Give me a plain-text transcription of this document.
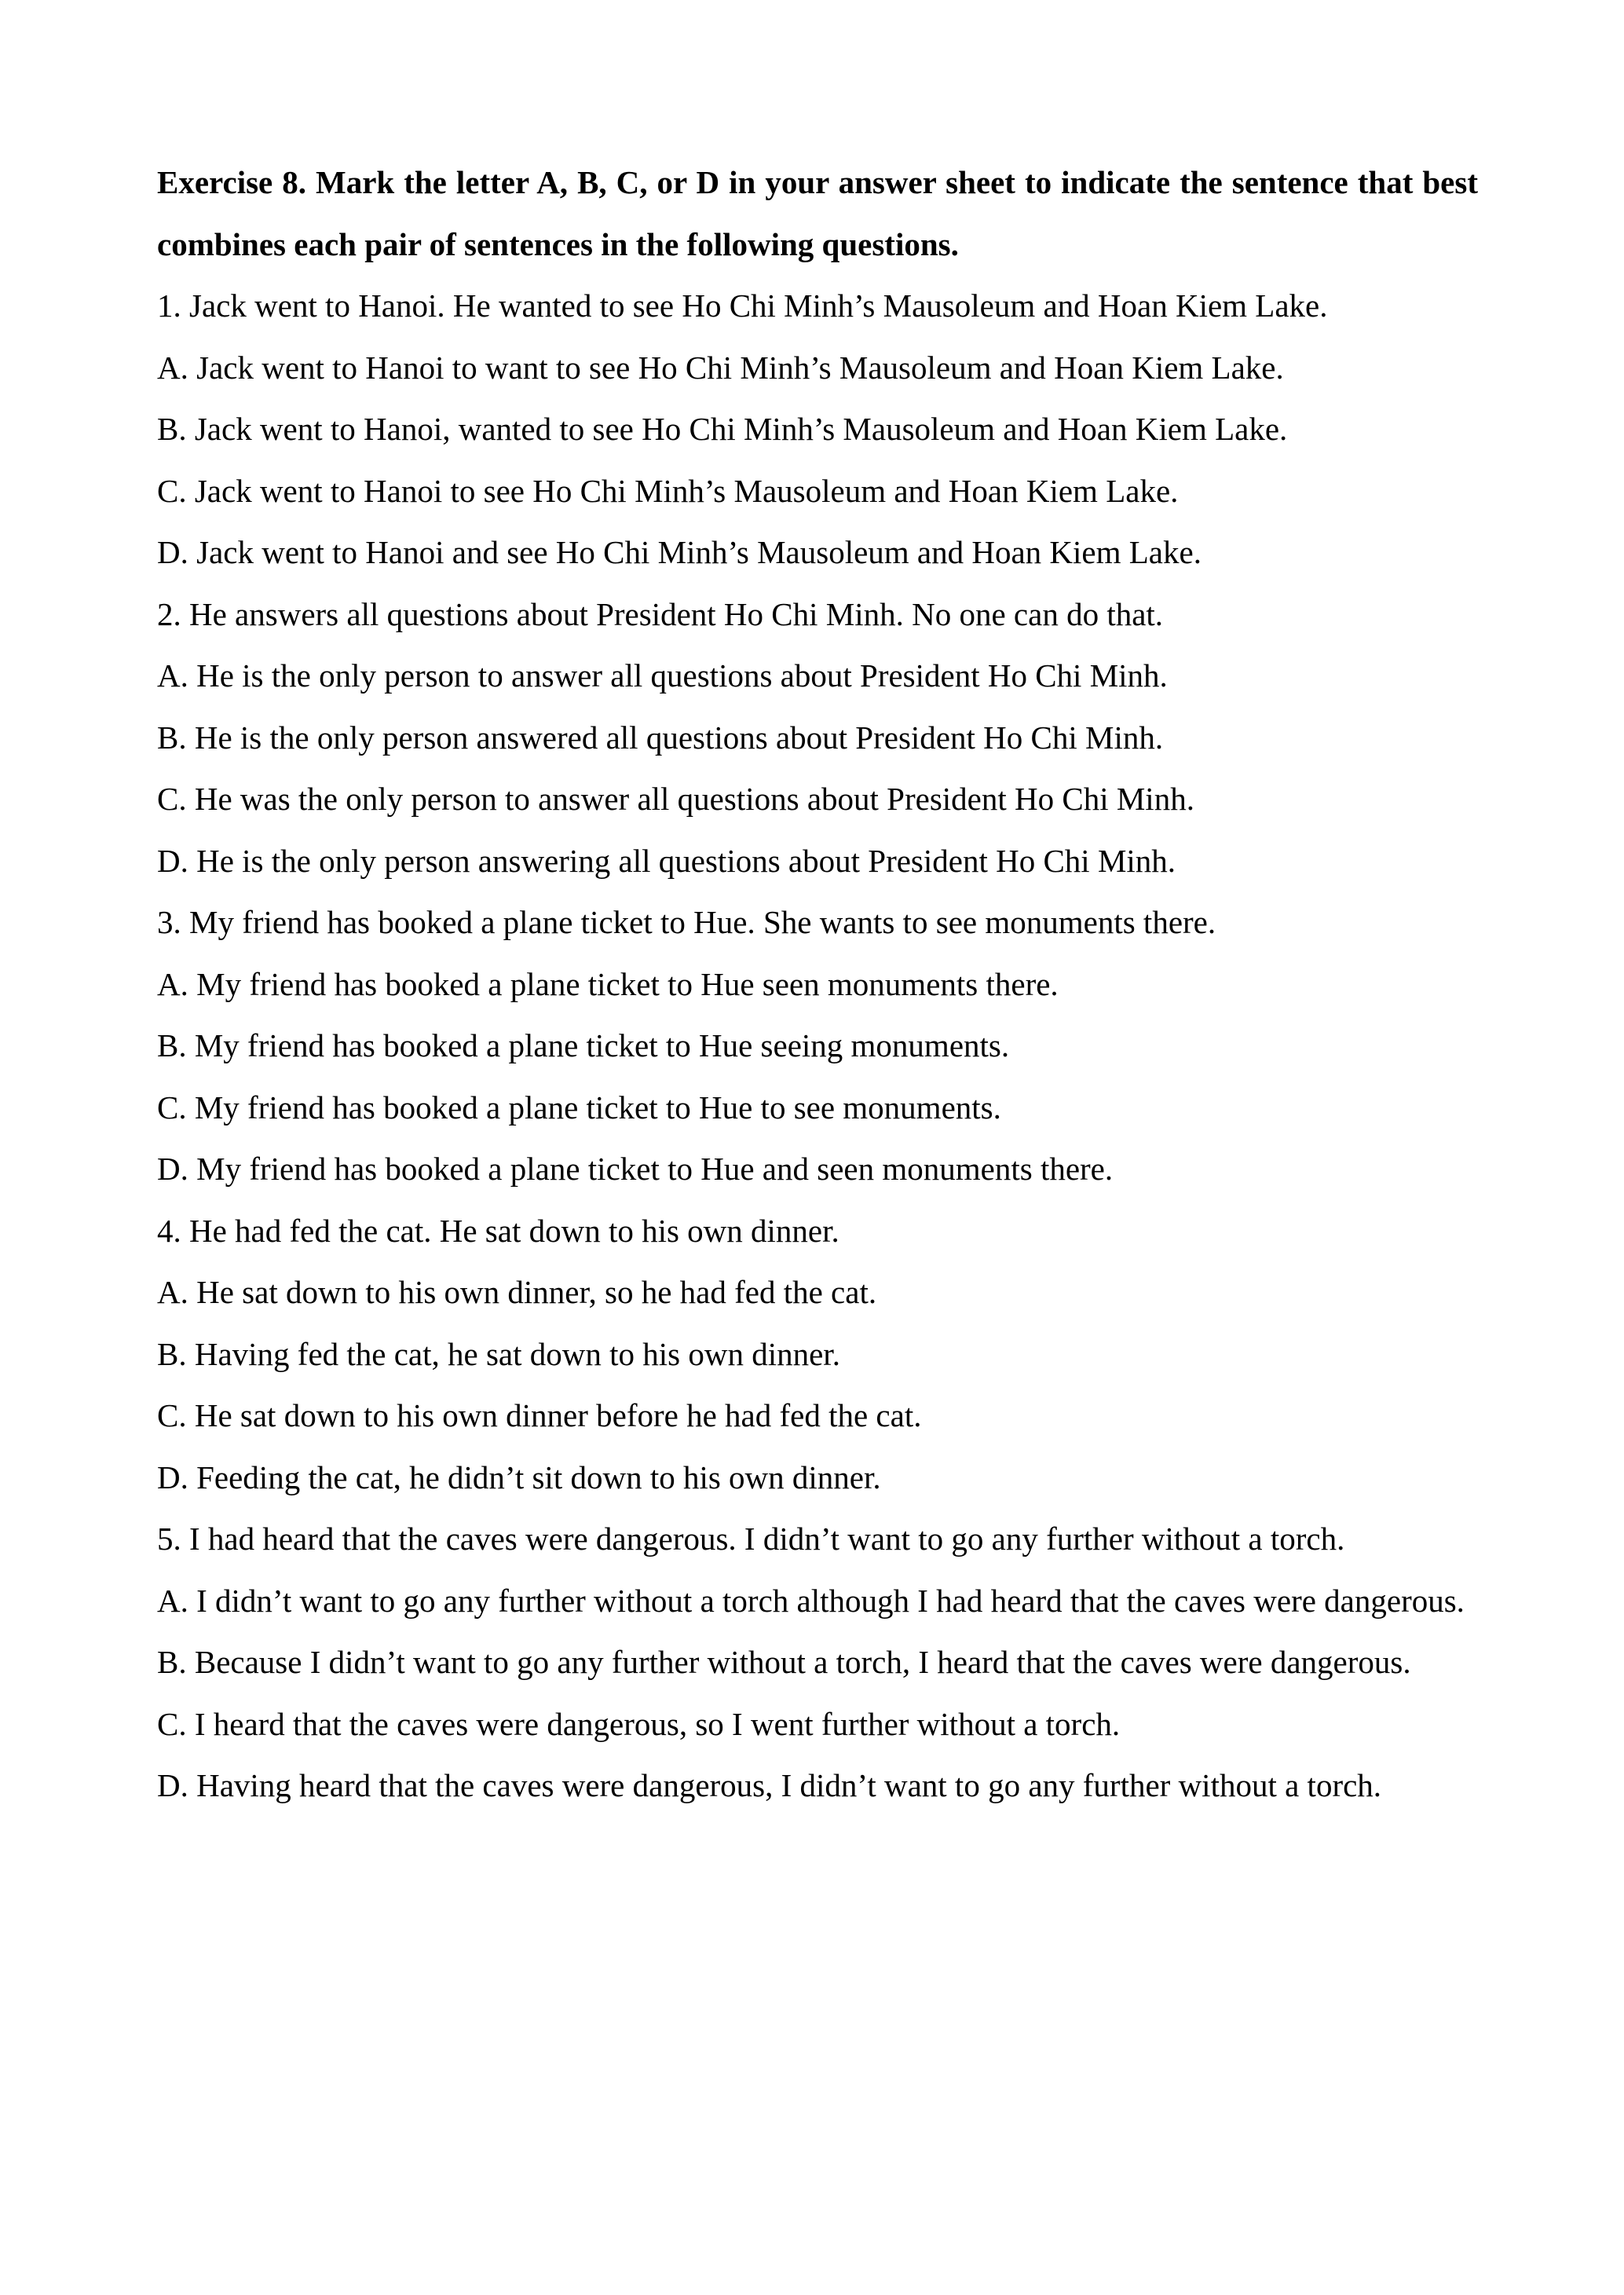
Exercise 8. Mark the letter A, B, C, or D in your answer sheet to indicate the sentence that best combines each pair of sentences in the following questions.

1. Jack went to Hanoi. He wanted to see Ho Chi Minh’s Mausoleum and Hoan Kiem Lake.

A. Jack went to Hanoi to want to see Ho Chi Minh’s Mausoleum and Hoan Kiem Lake.

B. Jack went to Hanoi, wanted to see Ho Chi Minh’s Mausoleum and Hoan Kiem Lake.

C. Jack went to Hanoi to see Ho Chi Minh’s Mausoleum and Hoan Kiem Lake.

D. Jack went to Hanoi and see Ho Chi Minh’s Mausoleum and Hoan Kiem Lake.

2. He answers all questions about President Ho Chi Minh. No one can do that.

A. He is the only person to answer all questions about President Ho Chi Minh.

B. He is the only person answered all questions about President Ho Chi Minh.

C. He was the only person to answer all questions about President Ho Chi Minh.

D. He is the only person answering all questions about President Ho Chi Minh.

3. My friend has booked a plane ticket to Hue. She wants to see monuments there.

A. My friend has booked a plane ticket to Hue seen monuments there.

B. My friend has booked a plane ticket to Hue seeing monuments.

C. My friend has booked a plane ticket to Hue to see monuments.

D. My friend has booked a plane ticket to Hue and seen monuments there.

4. He had fed the cat. He sat down to his own dinner.

A. He sat down to his own dinner, so he had fed the cat.

B. Having fed the cat, he sat down to his own dinner.

C. He sat down to his own dinner before he had fed the cat.

D. Feeding the cat, he didn’t sit down to his own dinner.

5. I had heard that the caves were dangerous. I didn’t want to go any further without a torch.

A. I didn’t want to go any further without a torch although I had heard that the caves were dangerous.

B. Because I didn’t want to go any further without a torch, I heard that the caves were dangerous.

C. I heard that the caves were dangerous, so I went further without a torch.

D. Having heard that the caves were dangerous, I didn’t want to go any further without a torch.
